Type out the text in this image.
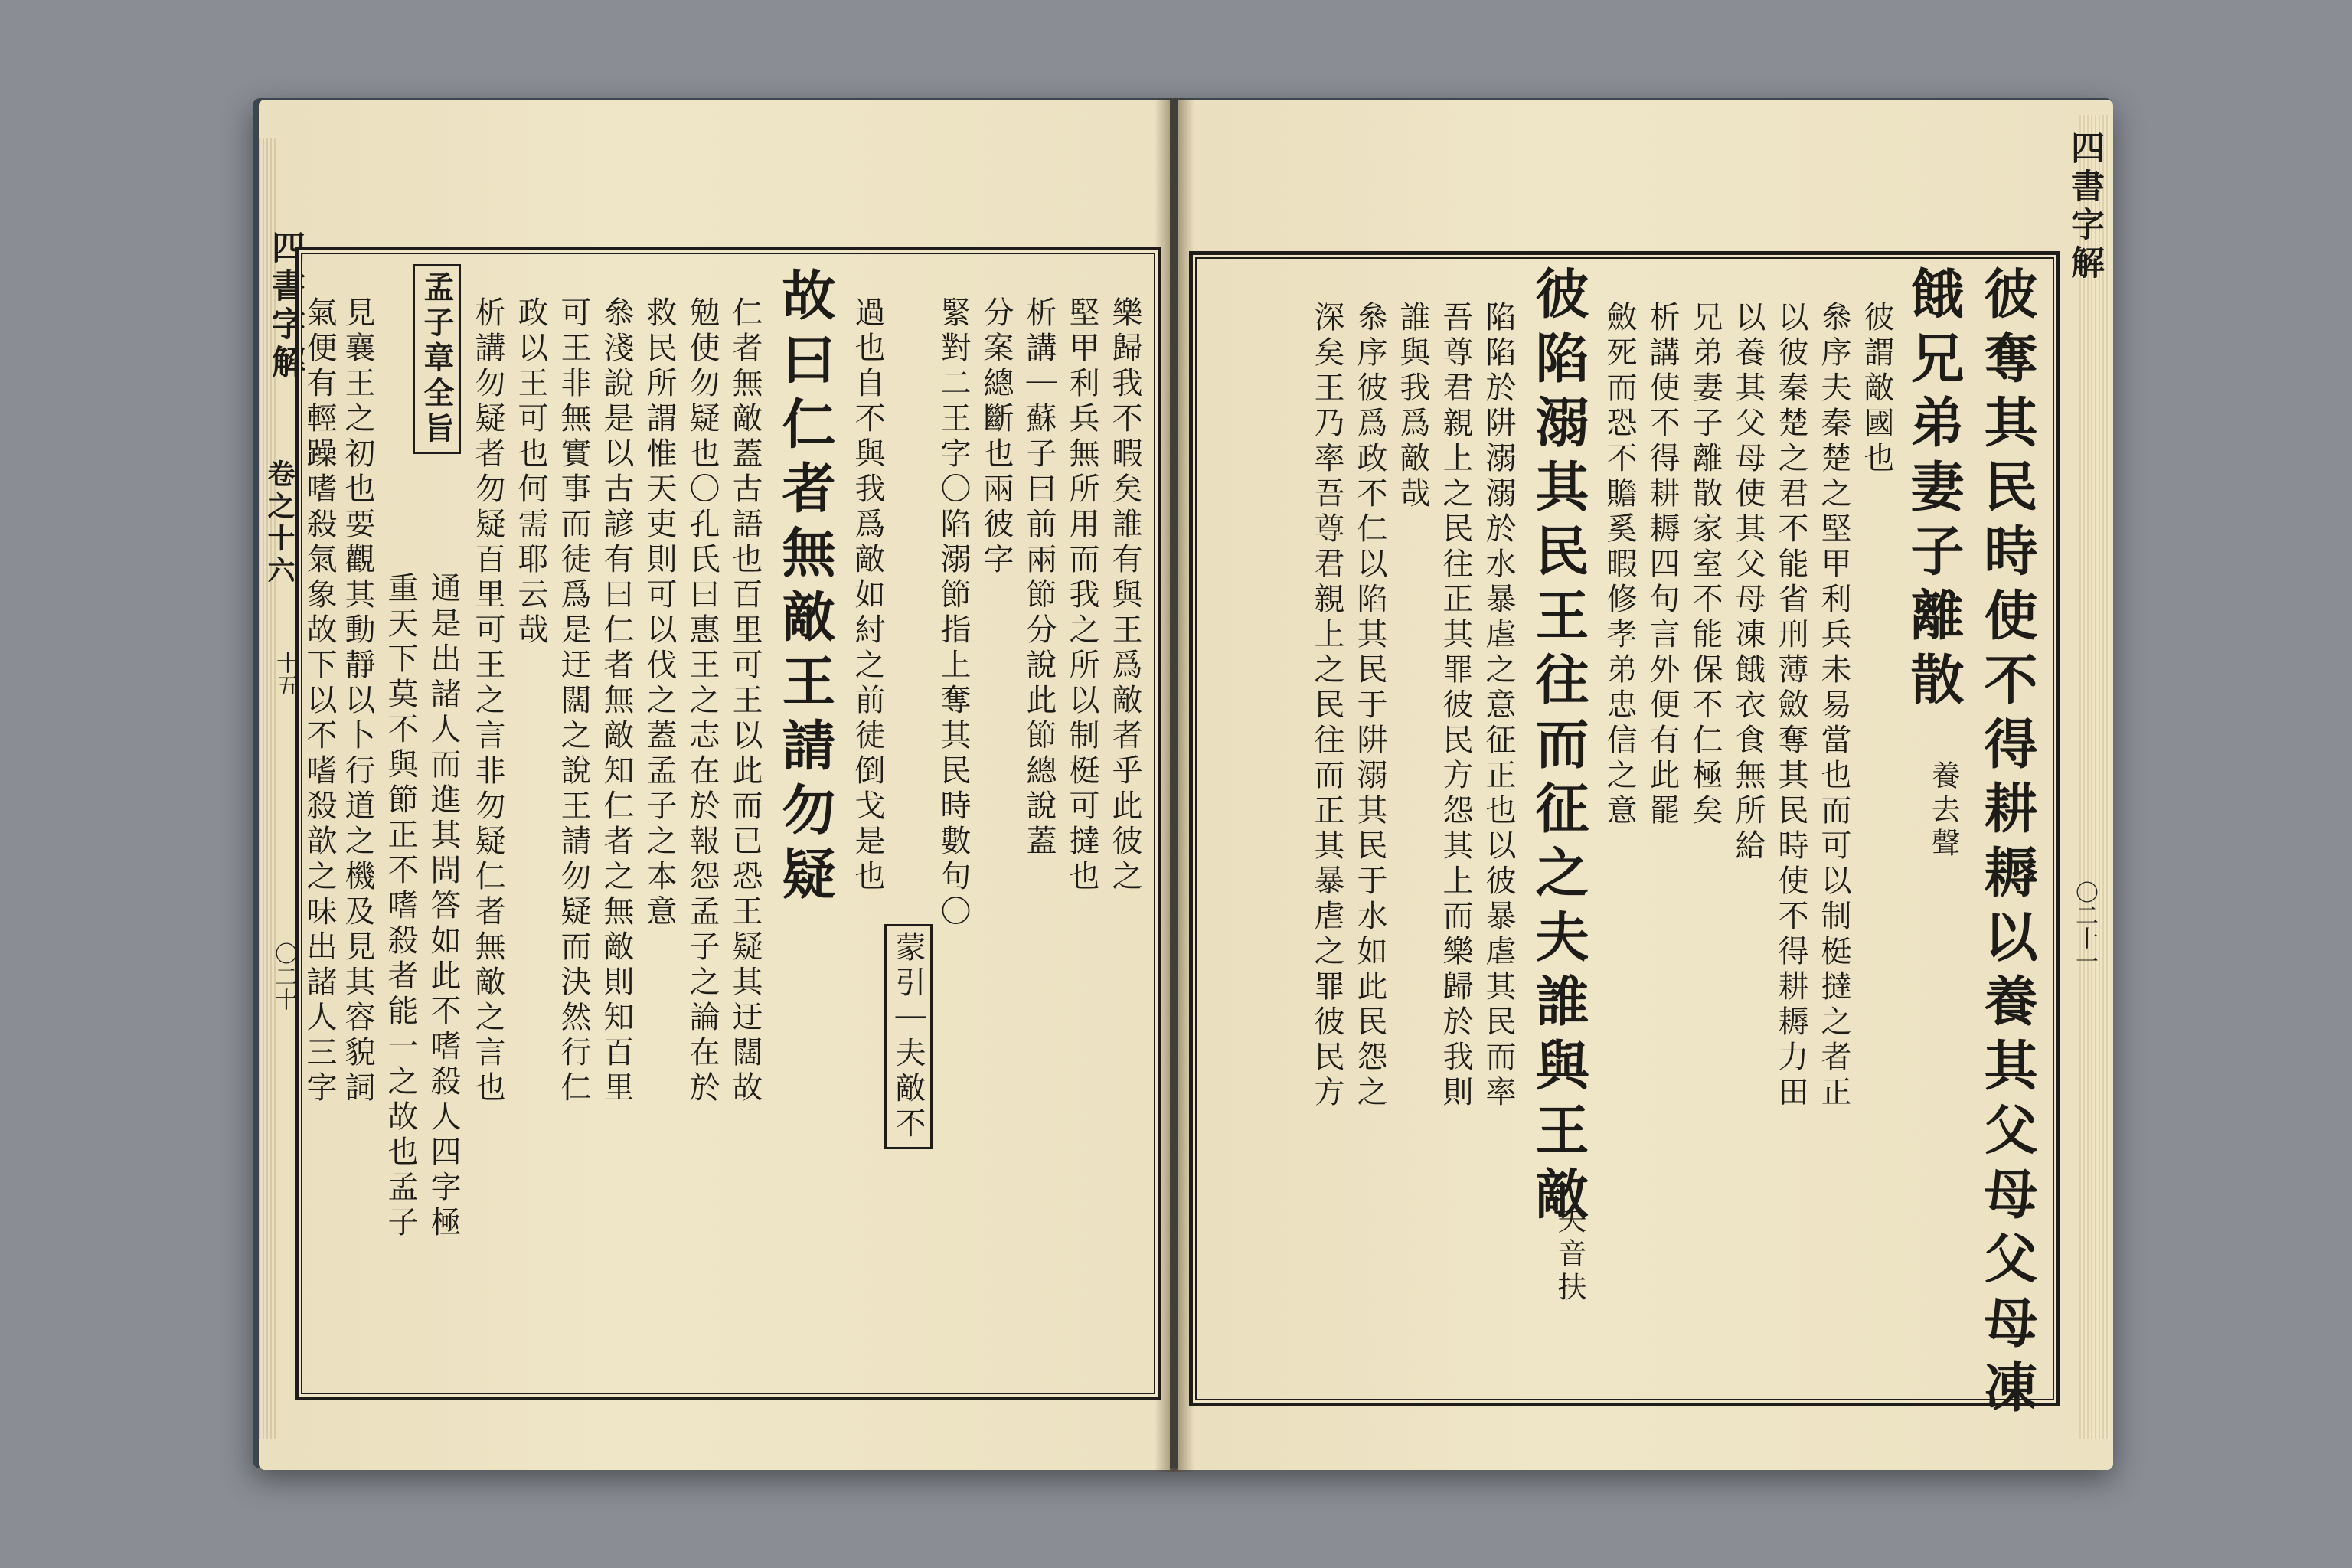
四書字解
卷之十六
十五
〇二十
四書字解
〇二十一
樂歸我不暇矣誰有與王爲敵者乎此彼之
堅甲利兵無所用而我之所以制梃可撻也
析講｜蘇子曰前兩節分說此節總說蓋
分案總斷也兩彼字
緊對二王字〇陷溺節指上奪其民時數句〇
蒙引｜夫敵不
過也自不與我爲敵如紂之前徒倒戈是也
故曰仁者無敵王請勿疑
仁者無敵蓋古語也百里可王以此而已恐王疑其迂闊故
勉使勿疑也〇孔氏曰惠王之志在於報怨孟子之論在於
救民所謂惟天吏則可以伐之蓋孟子之本意
叅淺說是以古諺有曰仁者無敵知仁者之無敵則知百里
可王非無實事而徒爲是迂闊之說王請勿疑而決然行仁
政以王可也何需耶云哉
析講勿疑者勿疑百里可王之言非勿疑仁者無敵之言也
孟子章全旨
通是出諸人而進其問答如此不嗜殺人四字極
重天下莫不與節正不嗜殺者能一之故也孟子
見襄王之初也要觀其動靜以卜行道之機及見其容貌詞
氣便有輕躁嗜殺氣象故下以不嗜殺歆之味出諸人三字	彼奪其民時使不得耕耨以養其父母父母凍
餓兄弟妻子離散
養去聲
彼謂敵國也
叅序夫秦楚之堅甲利兵未易當也而可以制梃撻之者正
以彼秦楚之君不能省刑薄斂奪其民時使不得耕耨力田
以養其父母使其父母凍餓衣食無所給
兄弟妻子離散家室不能保不仁極矣
析講使不得耕耨四句言外便有此罷
斂死而恐不贍奚暇修孝弟忠信之意
彼陷溺其民王往而征之夫誰與王敵
夫音扶
陷陷於阱溺溺於水暴虐之意征正也以彼暴虐其民而率
吾尊君親上之民往正其罪彼民方怨其上而樂歸於我則
誰與我爲敵哉
叅序彼爲政不仁以陷其民于阱溺其民于水如此民怨之
深矣王乃率吾尊君親上之民往而正其暴虐之罪彼民方
